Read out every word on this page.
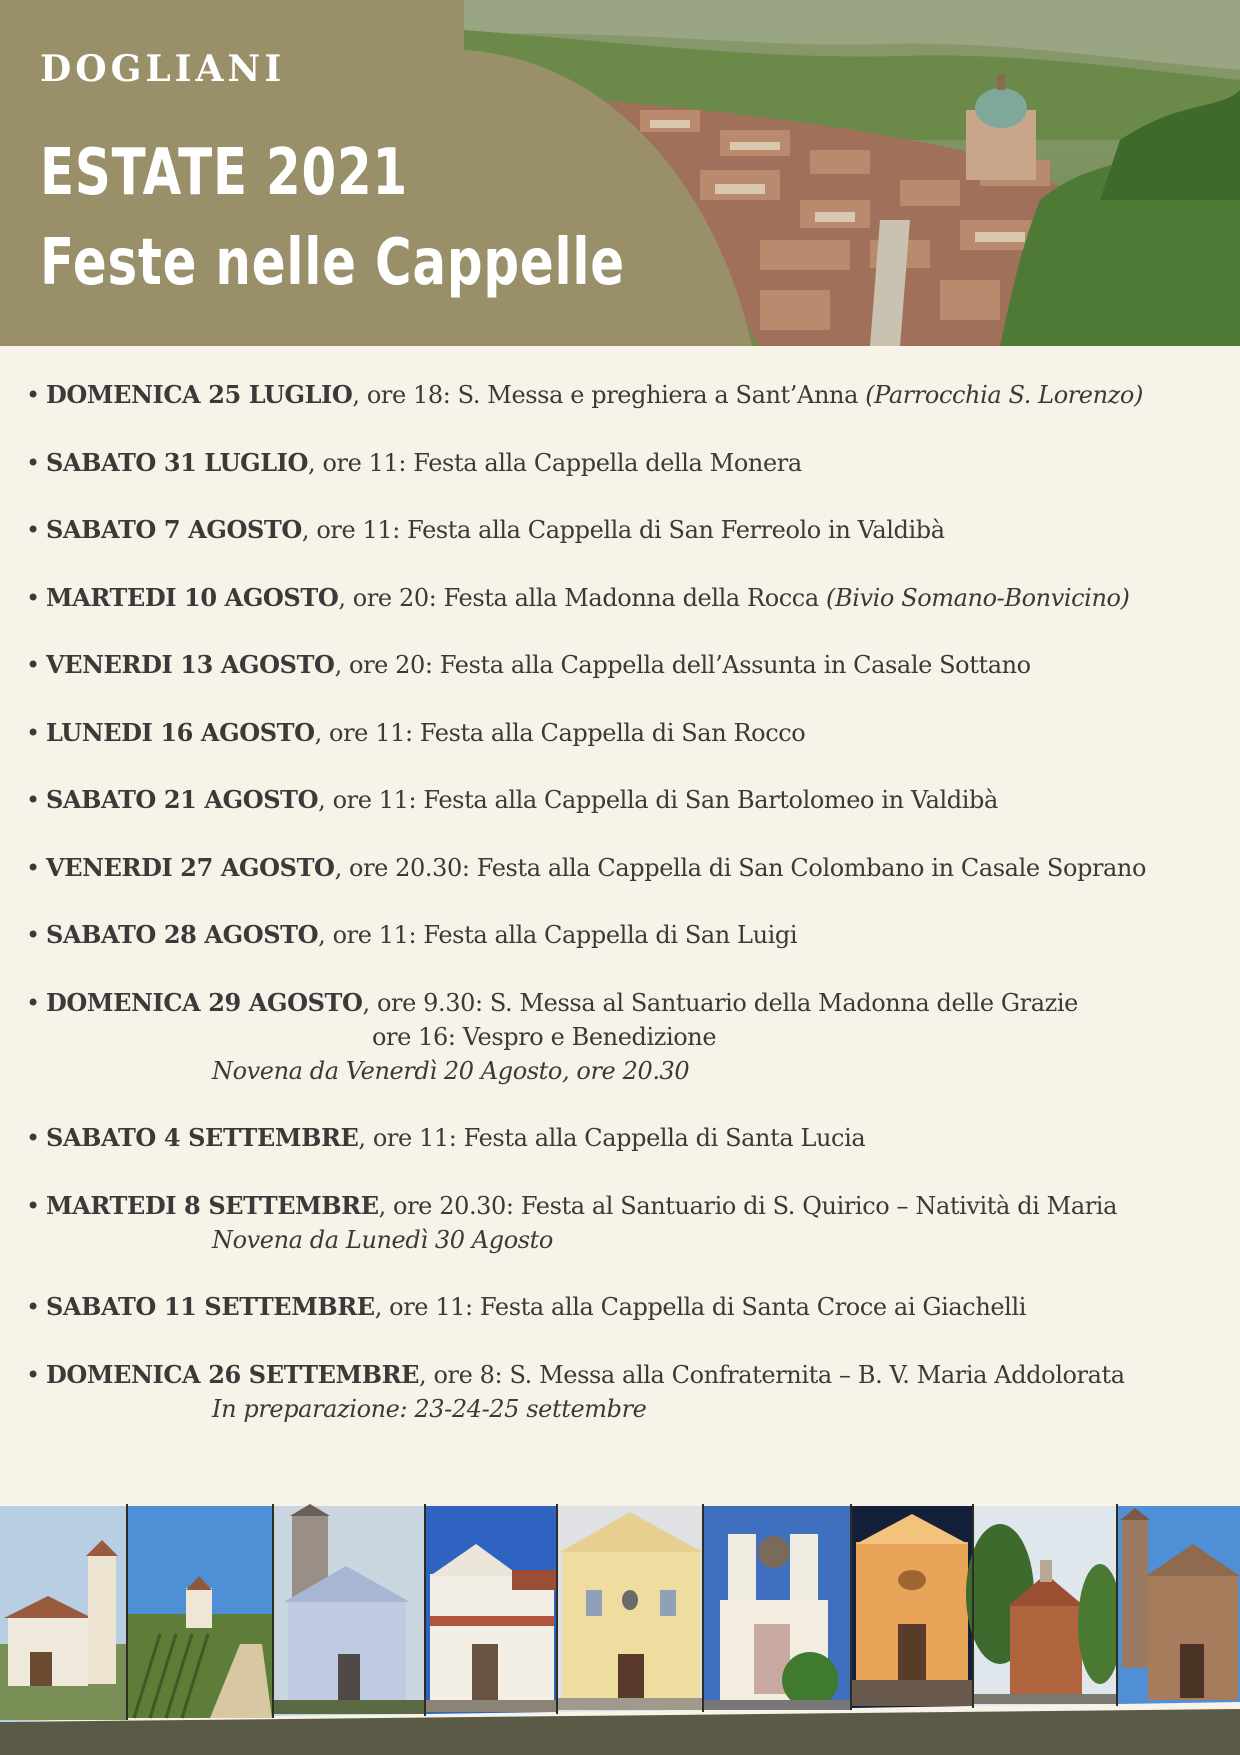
DOGLIANI
ESTATE 2021
Feste nelle Cappelle
• DOMENICA 25 LUGLIO, ore 18: S. Messa e preghiera a Sant’Anna (Parrocchia S. Lorenzo)
• SABATO 31 LUGLIO, ore 11: Festa alla Cappella della Monera
• SABATO 7 AGOSTO, ore 11: Festa alla Cappella di San Ferreolo in Valdibà
• MARTEDI 10 AGOSTO, ore 20: Festa alla Madonna della Rocca (Bivio Somano-Bonvicino)
• VENERDI 13 AGOSTO, ore 20: Festa alla Cappella dell’Assunta in Casale Sottano
• LUNEDI 16 AGOSTO, ore 11: Festa alla Cappella di San Rocco
• SABATO 21 AGOSTO, ore 11: Festa alla Cappella di San Bartolomeo in Valdibà
• VENERDI 27 AGOSTO, ore 20.30: Festa alla Cappella di San Colombano in Casale Soprano
• SABATO 28 AGOSTO, ore 11: Festa alla Cappella di San Luigi
• DOMENICA 29 AGOSTO, ore 9.30: S. Messa al Santuario della Madonna delle Grazie
ore 16: Vespro e Benedizione
Novena da Venerdì 20 Agosto, ore 20.30
• SABATO 4 SETTEMBRE, ore 11: Festa alla Cappella di Santa Lucia
• MARTEDI 8 SETTEMBRE, ore 20.30: Festa al Santuario di S. Quirico – Natività di Maria
Novena da Lunedì 30 Agosto
• SABATO 11 SETTEMBRE, ore 11: Festa alla Cappella di Santa Croce ai Giachelli
• DOMENICA 26 SETTEMBRE, ore 8: S. Messa alla Confraternita – B. V. Maria Addolorata
In preparazione: 23-24-25 settembre
